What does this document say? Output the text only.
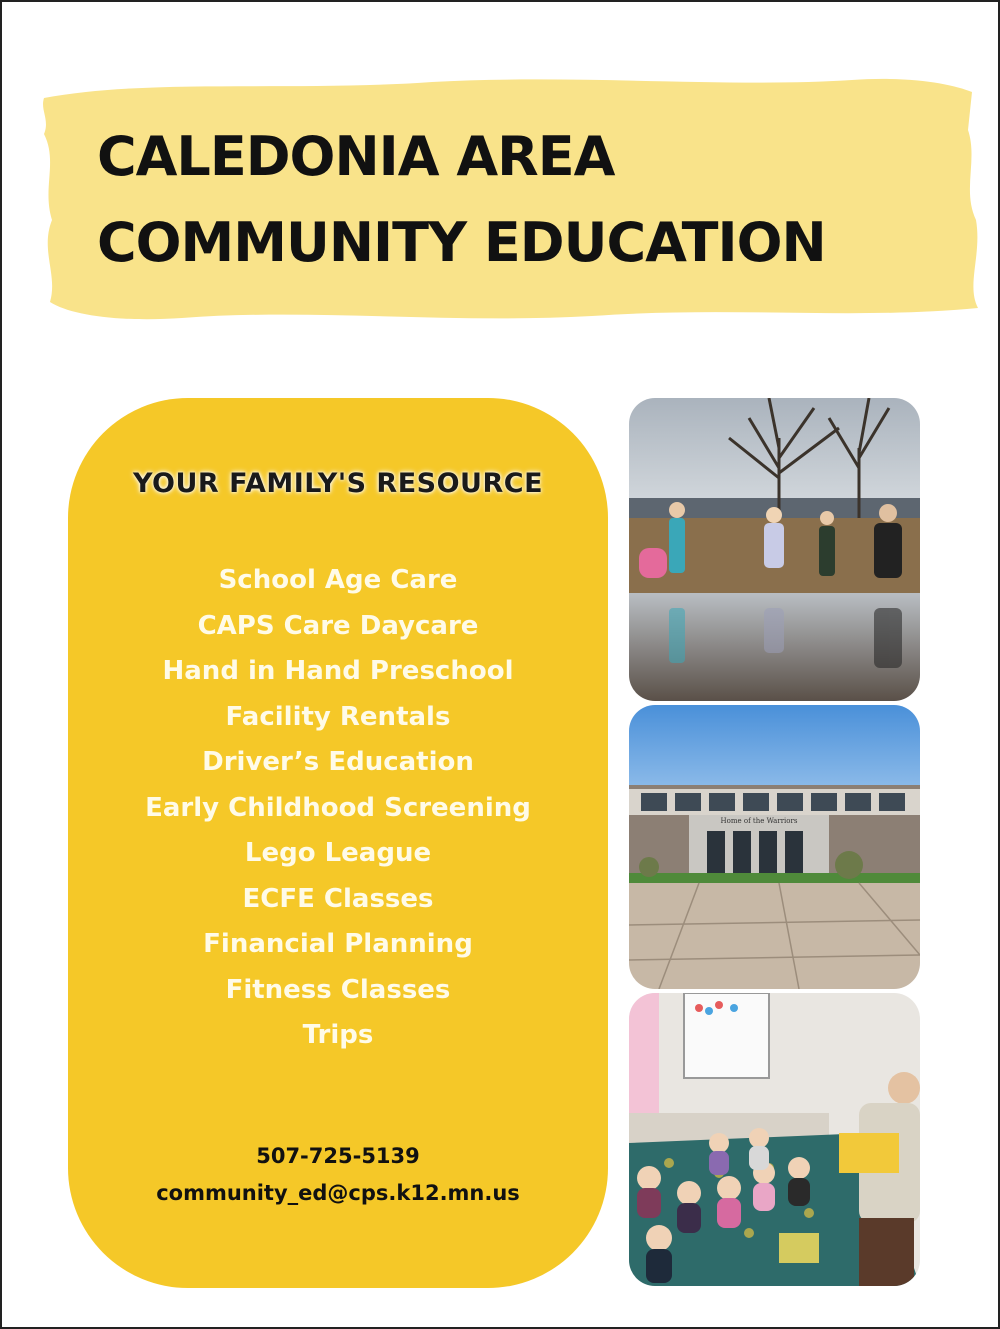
CALEDONIA AREA
COMMUNITY EDUCATION
YOUR FAMILY'S RESOURCE
School Age Care
CAPS Care Daycare
Hand in Hand Preschool
Facility Rentals
Driver’s Education
Early Childhood Screening
Lego League
ECFE Classes
Financial Planning
Fitness Classes
Trips
507-725-5139
community_ed@cps.k12.mn.us
Home of the Warriors
